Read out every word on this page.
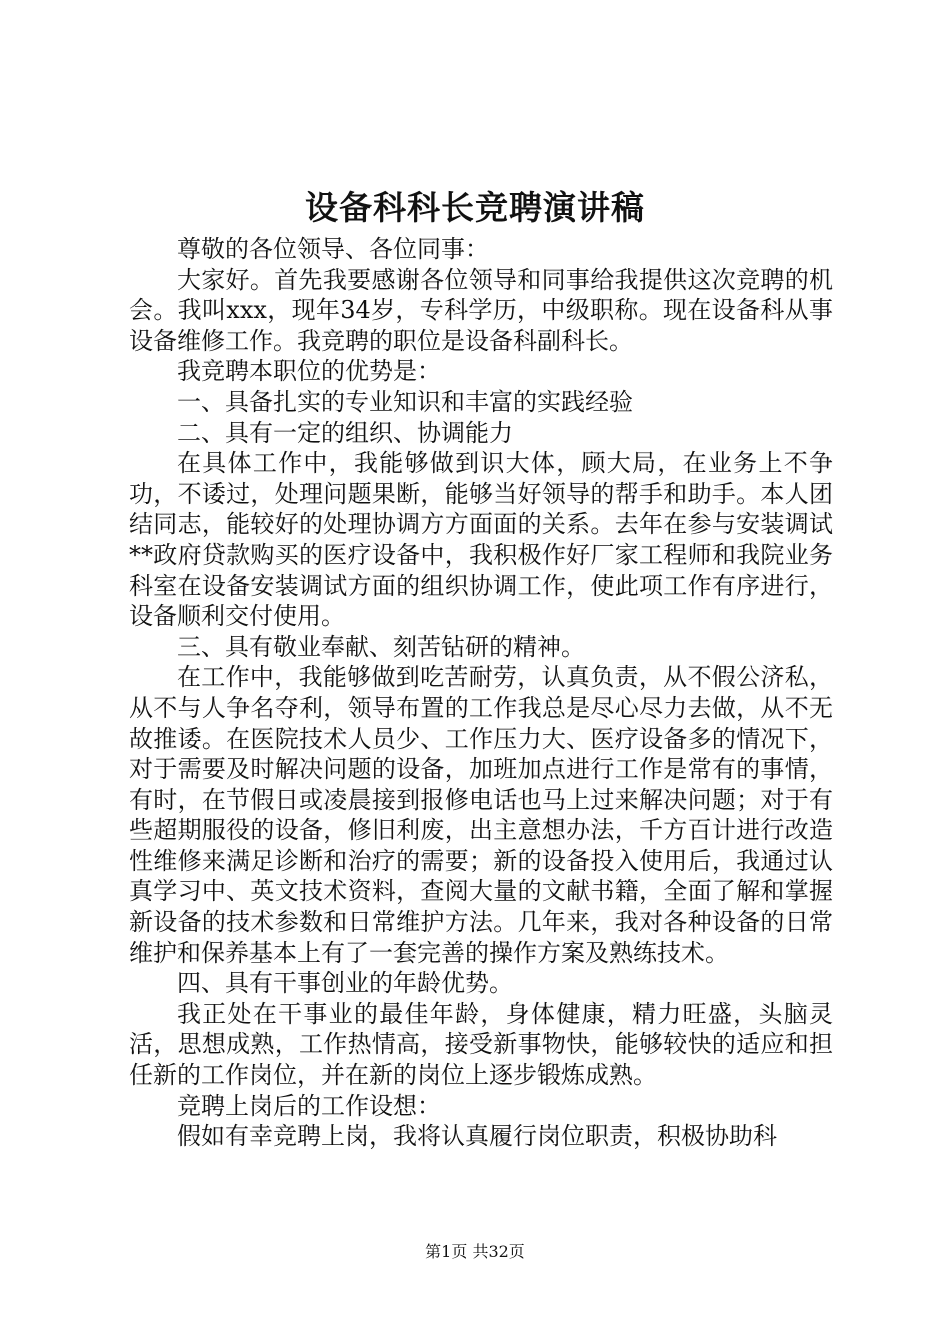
设备科科长竞聘演讲稿

尊敬的各位领导、各位同事：

大家好。首先我要感谢各位领导和同事给我提供这次竞聘的机会。我叫xxx，现年34岁，专科学历，中级职称。现在设备科从事设备维修工作。我竞聘的职位是设备科副科长。

我竞聘本职位的优势是：

一、具备扎实的专业知识和丰富的实践经验

二、具有一定的组织、协调能力

在具体工作中，我能够做到识大体，顾大局，在业务上不争功，不诿过，处理问题果断，能够当好领导的帮手和助手。本人团结同志，能较好的处理协调方方面面的关系。去年在参与安装调试**政府贷款购买的医疗设备中，我积极作好厂家工程师和我院业务科室在设备安装调试方面的组织协调工作，使此项工作有序进行，设备顺利交付使用。

三、具有敬业奉献、刻苦钻研的精神。

在工作中，我能够做到吃苦耐劳，认真负责，从不假公济私，从不与人争名夺利，领导布置的工作我总是尽心尽力去做，从不无故推诿。在医院技术人员少、工作压力大、医疗设备多的情况下，对于需要及时解决问题的设备，加班加点进行工作是常有的事情，有时，在节假日或凌晨接到报修电话也马上过来解决问题；对于有些超期服役的设备，修旧利废，出主意想办法，千方百计进行改造性维修来满足诊断和治疗的需要；新的设备投入使用后，我通过认真学习中、英文技术资料，查阅大量的文献书籍，全面了解和掌握新设备的技术参数和日常维护方法。几年来，我对各种设备的日常维护和保养基本上有了一套完善的操作方案及熟练技术。

四、具有干事创业的年龄优势。

我正处在干事业的最佳年龄，身体健康，精力旺盛，头脑灵活，思想成熟，工作热情高，接受新事物快，能够较快的适应和担任新的工作岗位，并在新的岗位上逐步锻炼成熟。

竞聘上岗后的工作设想：

假如有幸竞聘上岗，我将认真履行岗位职责，积极协助科

第1页 共32页
